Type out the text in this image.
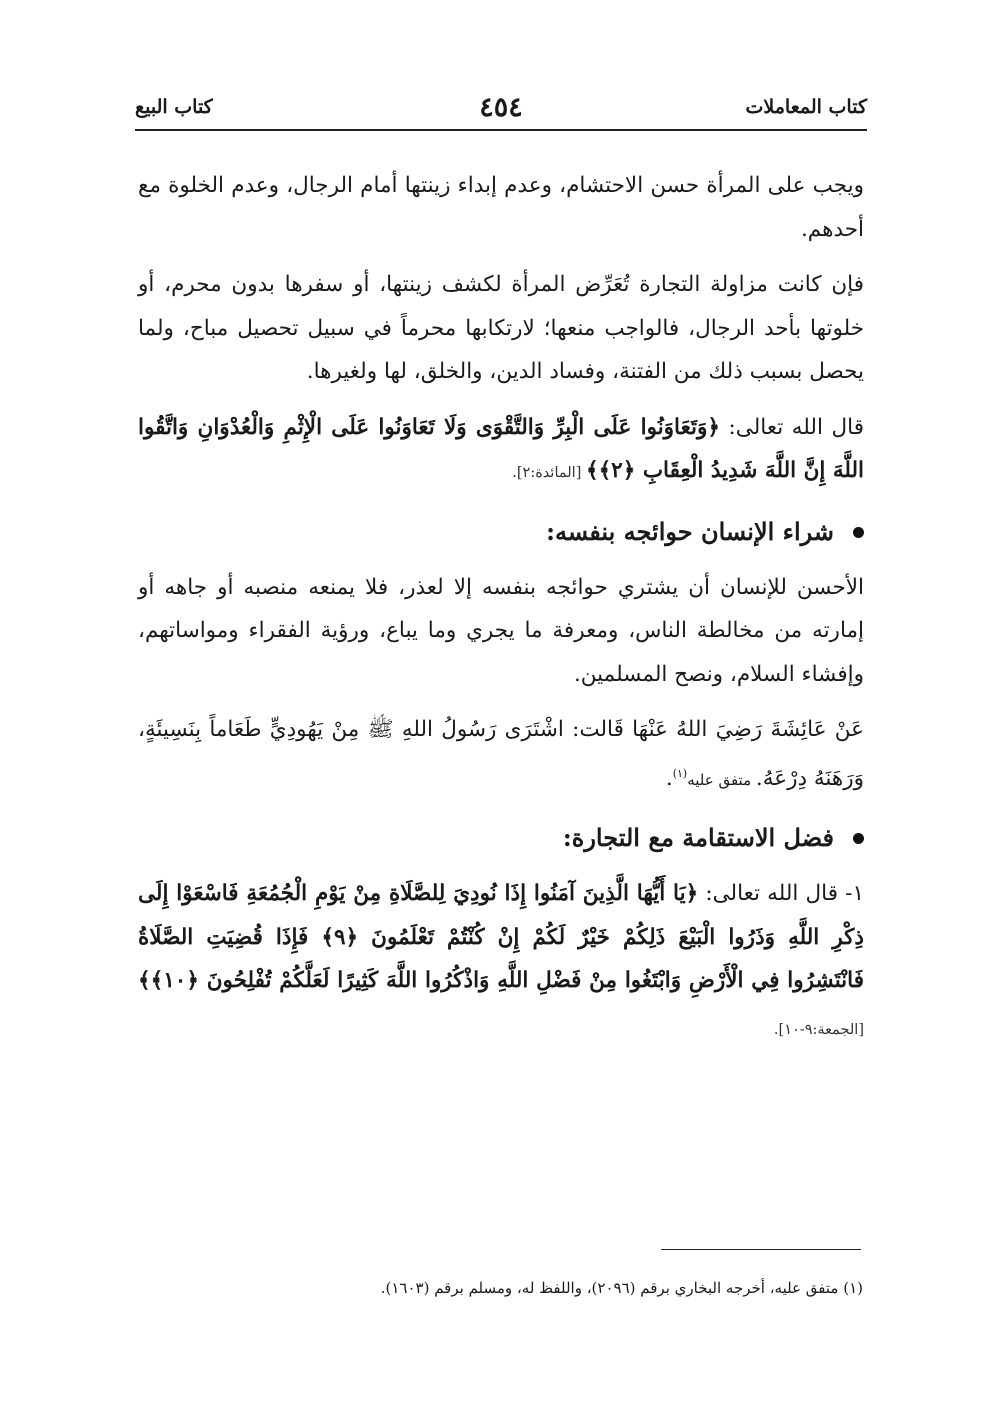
كتاب المعاملات
٤٥٤
كتاب البيع

ويجب على المرأة حسن الاحتشام، وعدم إبداء زينتها أمام الرجال، وعدم الخلوة مع أحدهم.

فإن كانت مزاولة التجارة تُعَرِّض المرأة لكشف زينتها، أو سفرها بدون محرم، أو خلوتها بأحد الرجال، فالواجب منعها؛ لارتكابها محرماً في سبيل تحصيل مباح، ولما يحصل بسبب ذلك من الفتنة، وفساد الدين، والخلق، لها ولغيرها.

قال الله تعالى: ﴿وَتَعَاوَنُوا عَلَى الْبِرِّ وَالتَّقْوَى وَلَا تَعَاوَنُوا عَلَى الْإِثْمِ وَالْعُدْوَانِ وَاتَّقُوا اللَّهَ إِنَّ اللَّهَ شَدِيدُ الْعِقَابِ ﴿٢﴾﴾ [المائدة:٢].

شراء الإنسان حوائجه بنفسه:

الأحسن للإنسان أن يشتري حوائجه بنفسه إلا لعذر، فلا يمنعه منصبه أو جاهه أو إمارته من مخالطة الناس، ومعرفة ما يجري وما يباع، ورؤية الفقراء ومواساتهم، وإفشاء السلام، ونصح المسلمين.

عَنْ عَائِشَةَ رَضِيَ اللهُ عَنْهَا قَالت: اشْتَرَى رَسُولُ اللهِ ﷺ مِنْ يَهُودِيٍّ طَعَاماً بِنَسِيئَةٍ، وَرَهَنَهُ دِرْعَهُ. متفق عليه$^{(١)}$.

فضل الاستقامة مع التجارة:

١- قال الله تعالى: ﴿يَا أَيُّهَا الَّذِينَ آمَنُوا إِذَا نُودِيَ لِلصَّلَاةِ مِنْ يَوْمِ الْجُمُعَةِ فَاسْعَوْا إِلَى ذِكْرِ اللَّهِ وَذَرُوا الْبَيْعَ ذَلِكُمْ خَيْرٌ لَكُمْ إِنْ كُنْتُمْ تَعْلَمُونَ ﴿٩﴾ فَإِذَا قُضِيَتِ الصَّلَاةُ فَانْتَشِرُوا فِي الْأَرْضِ وَابْتَغُوا مِنْ فَضْلِ اللَّهِ وَاذْكُرُوا اللَّهَ كَثِيرًا لَعَلَّكُمْ تُفْلِحُونَ ﴿١٠﴾﴾ [الجمعة:٩-١٠].

(١) متفق عليه، أخرجه البخاري برقم (٢٠٩٦)، واللفظ له، ومسلم برقم (١٦٠٣).
